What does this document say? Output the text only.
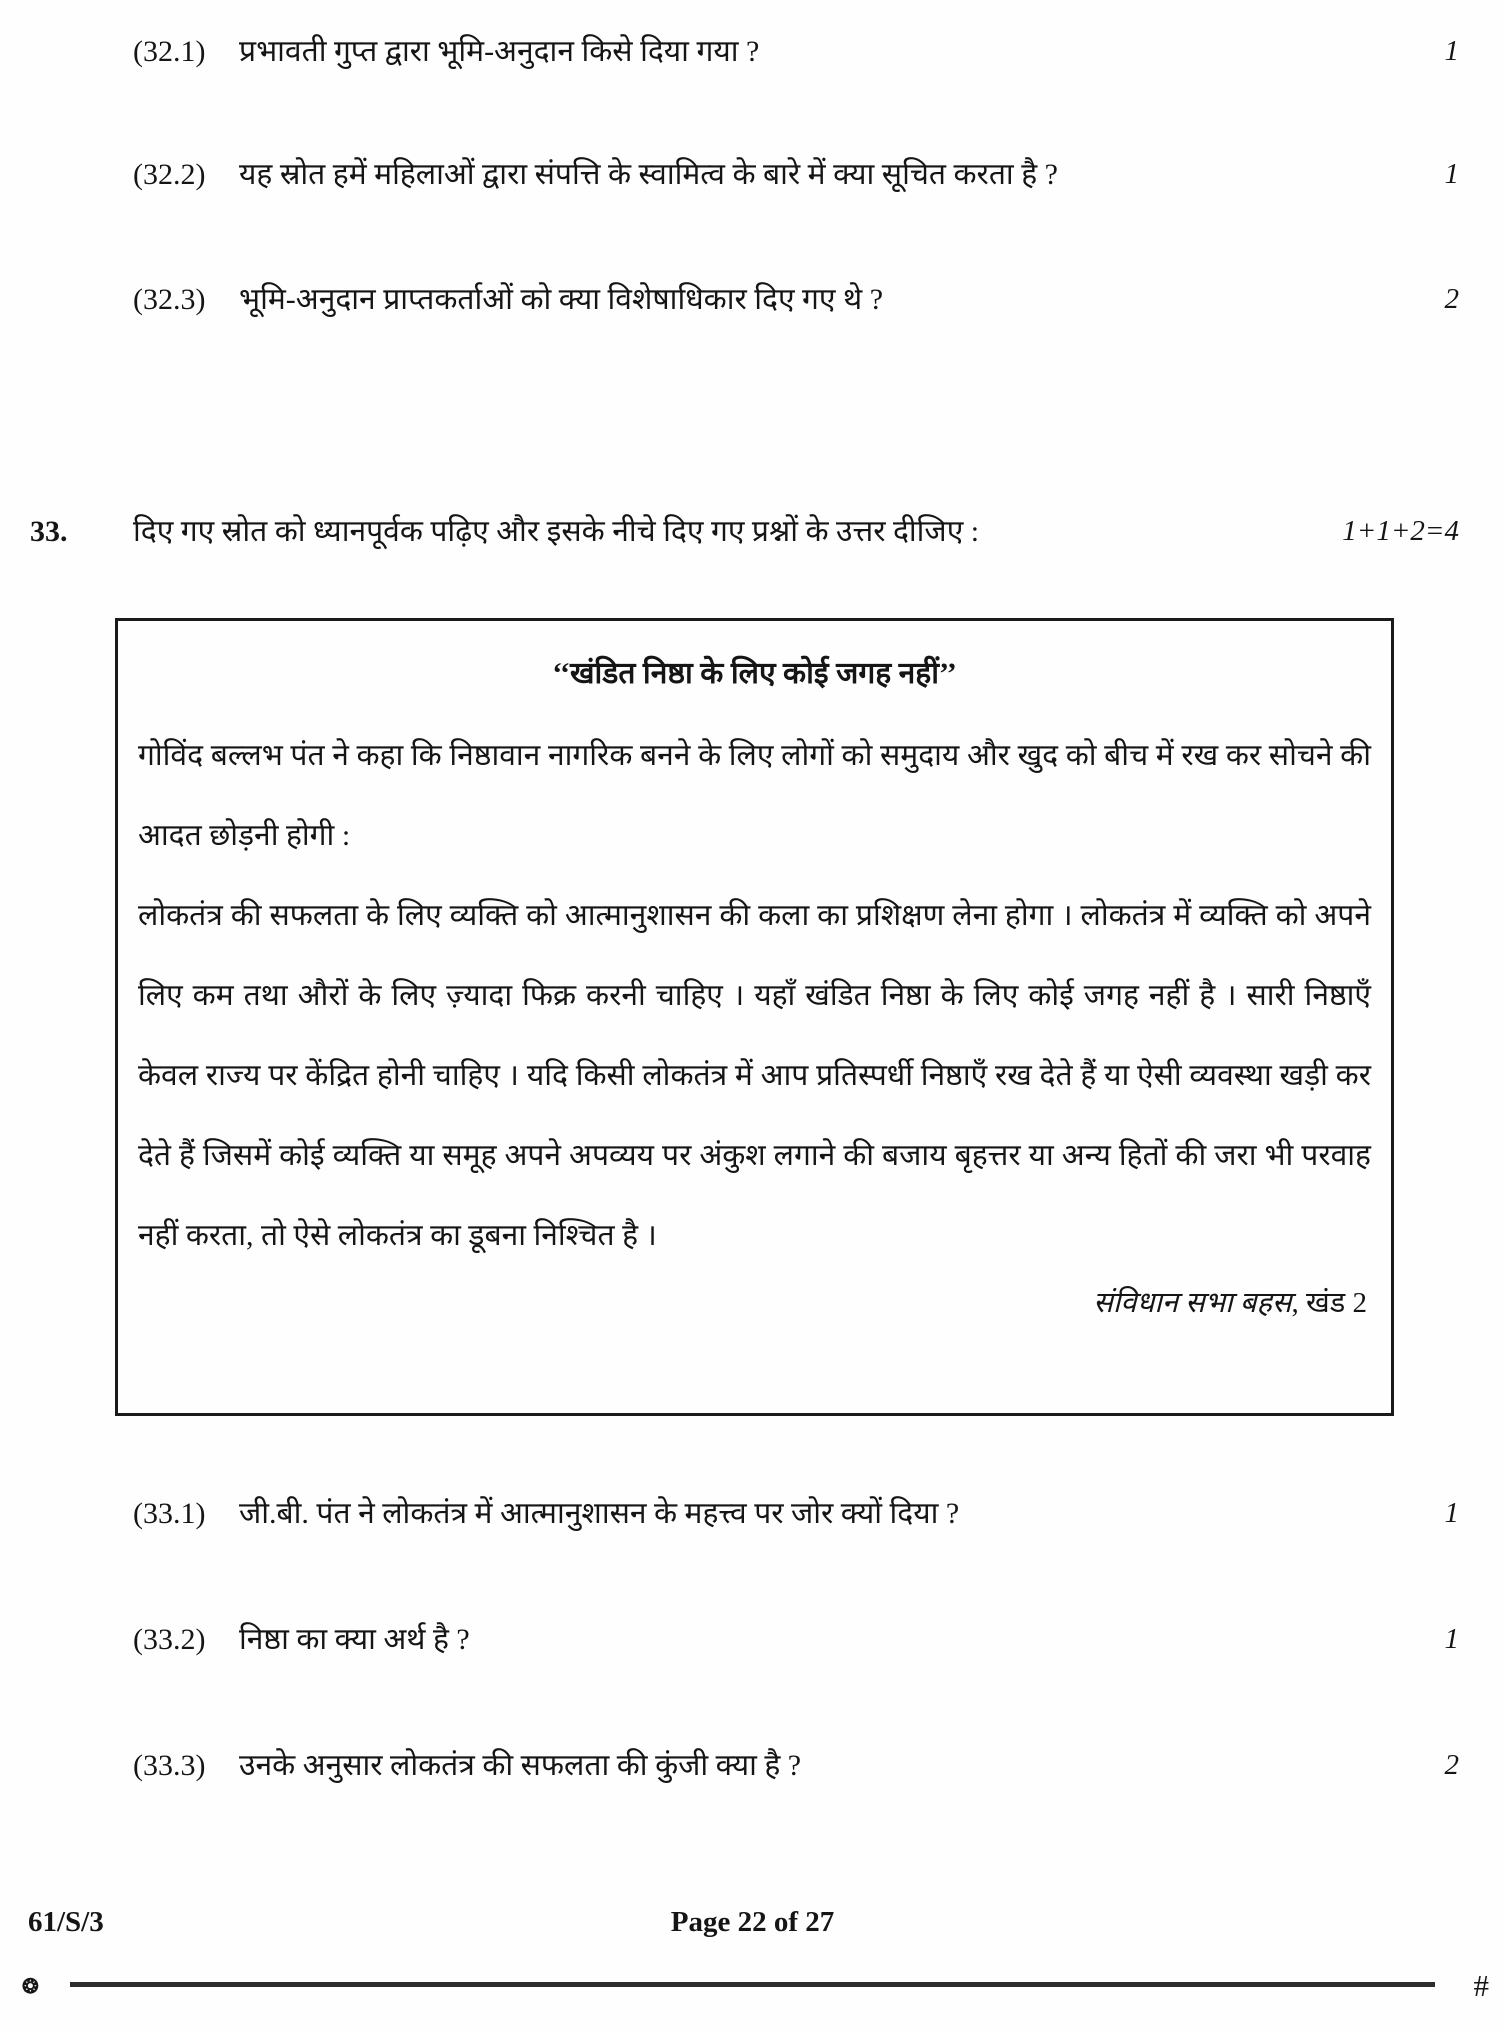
(32.1)	प्रभावती गुप्त द्वारा भूमि-अनुदान किसे दिया गया ?	1
(32.2)	यह स्रोत हमें महिलाओं द्वारा संपत्ति के स्वामित्व के बारे में क्या सूचित करता है ?	1
(32.3)	भूमि-अनुदान प्राप्तकर्ताओं को क्या विशेषाधिकार दिए गए थे ?	2
33.	दिए गए स्रोत को ध्यानपूर्वक पढ़िए और इसके नीचे दिए गए प्रश्नों के उत्तर दीजिए :	1+1+2=4
‘‘खंडित निष्ठा के लिए कोई जगह नहीं’’

गोविंद बल्लभ पंत ने कहा कि निष्ठावान नागरिक बनने के लिए लोगों को समुदाय और खुद को बीच में रख कर सोचने की आदत छोड़नी होगी :

लोकतंत्र की सफलता के लिए व्यक्ति को आत्मानुशासन की कला का प्रशिक्षण लेना होगा । लोकतंत्र में व्यक्ति को अपने लिए कम तथा औरों के लिए ज़्यादा फिक्र करनी चाहिए । यहाँ खंडित निष्ठा के लिए कोई जगह नहीं है । सारी निष्ठाएँ केवल राज्य पर केंद्रित होनी चाहिए । यदि किसी लोकतंत्र में आप प्रतिस्पर्धी निष्ठाएँ रख देते हैं या ऐसी व्यवस्था खड़ी कर देते हैं जिसमें कोई व्यक्ति या समूह अपने अपव्यय पर अंकुश लगाने की बजाय बृहत्तर या अन्य हितों की जरा भी परवाह नहीं करता, तो ऐसे लोकतंत्र का डूबना निश्चित है ।

संविधान सभा बहस, खंड 2
(33.1)	जी.बी. पंत ने लोकतंत्र में आत्मानुशासन के महत्त्व पर जोर क्यों दिया ?	1
(33.2)	निष्ठा का क्या अर्थ है ?	1
(33.3)	उनके अनुसार लोकतंत्र की सफलता की कुंजी क्या है ?	2
61/S/3	Page 22 of 27
❂	#
